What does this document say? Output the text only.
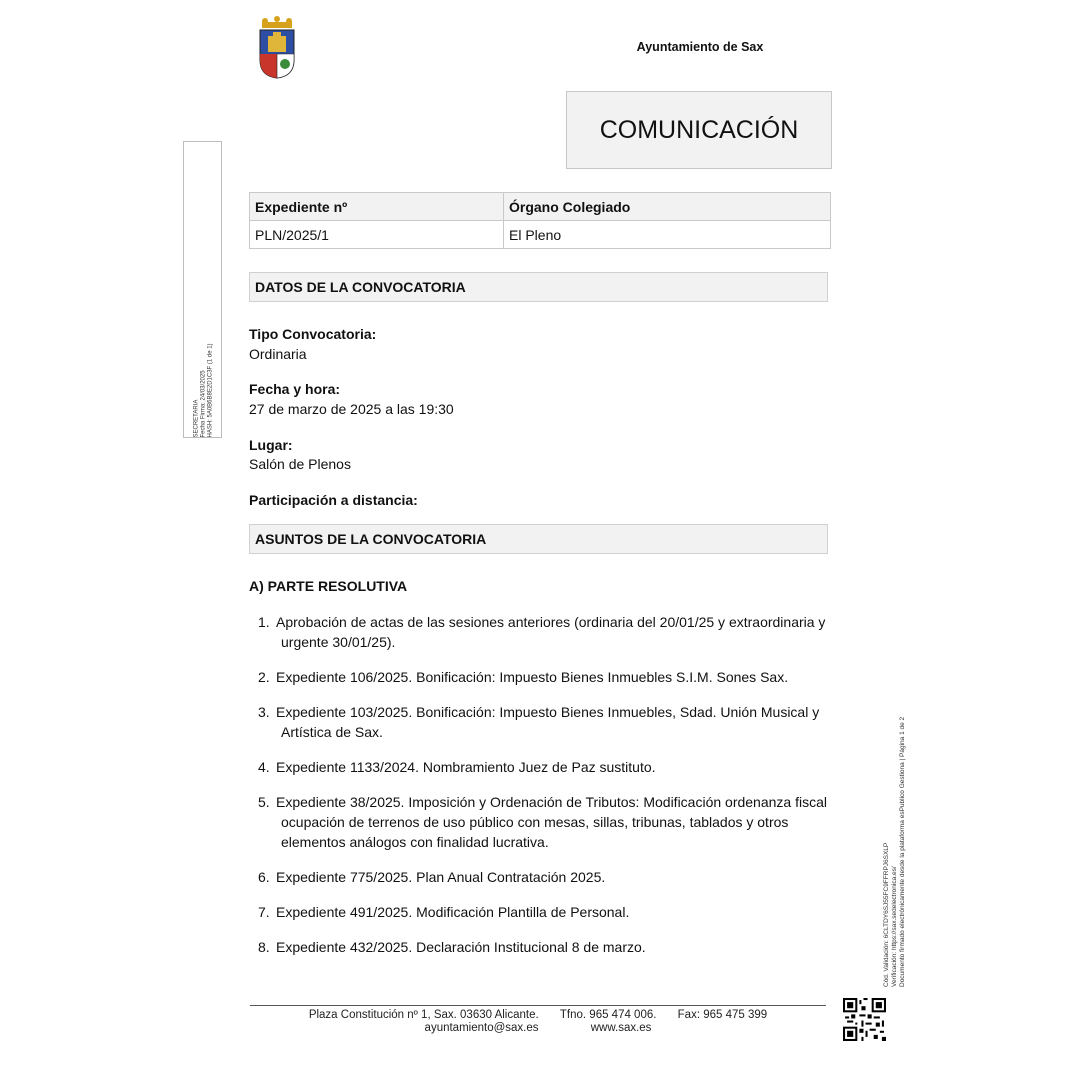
Ayuntamiento de Sax
COMUNICACIÓN
SECRETARIA Fecha Firma: 24/03/2025 HASH: 5A0B6B8E2D1C3F (1 de 1)
Expediente nº	Órgano Colegiado
PLN/2025/1	El Pleno
DATOS DE LA CONVOCATORIA
Tipo Convocatoria:
Ordinaria
Fecha y hora:
27 de marzo de 2025 a las 19:30
Lugar:
Salón de Plenos
Participación a distancia:
ASUNTOS DE LA CONVOCATORIA
A) PARTE RESOLUTIVA
1. Aprobación de actas de las sesiones anteriores (ordinaria del 20/01/25 y extraordinaria y urgente 30/01/25).
2. Expediente 106/2025. Bonificación: Impuesto Bienes Inmuebles S.I.M. Sones Sax.
3. Expediente 103/2025. Bonificación: Impuesto Bienes Inmuebles, Sdad. Unión Musical y Artística de Sax.
4. Expediente 1133/2024. Nombramiento Juez de Paz sustituto.
5. Expediente 38/2025. Imposición y Ordenación de Tributos: Modificación ordenanza fiscal ocupación de terrenos de uso público con mesas, sillas, tribunas, tablados y otros elementos análogos con finalidad lucrativa.
6. Expediente 775/2025. Plan Anual Contratación 2025.
7. Expediente 491/2025. Modificación Plantilla de Personal.
8. Expediente 432/2025. Declaración Institucional 8 de marzo.	Cód. Validación: 6CLTDY6SJ55FC9FFRPJ6SXLP Verificación: https://sax.sedelectronica.es/ Documento firmado electrónicamente desde la plataforma esPublico Gestiona | Página 1 de 2
Plaza Constitución nº 1, Sax. 03630 Alicante. Tfno. 965 474 006. Fax: 965 475 399
ayuntamiento@sax.es	www.sax.es
